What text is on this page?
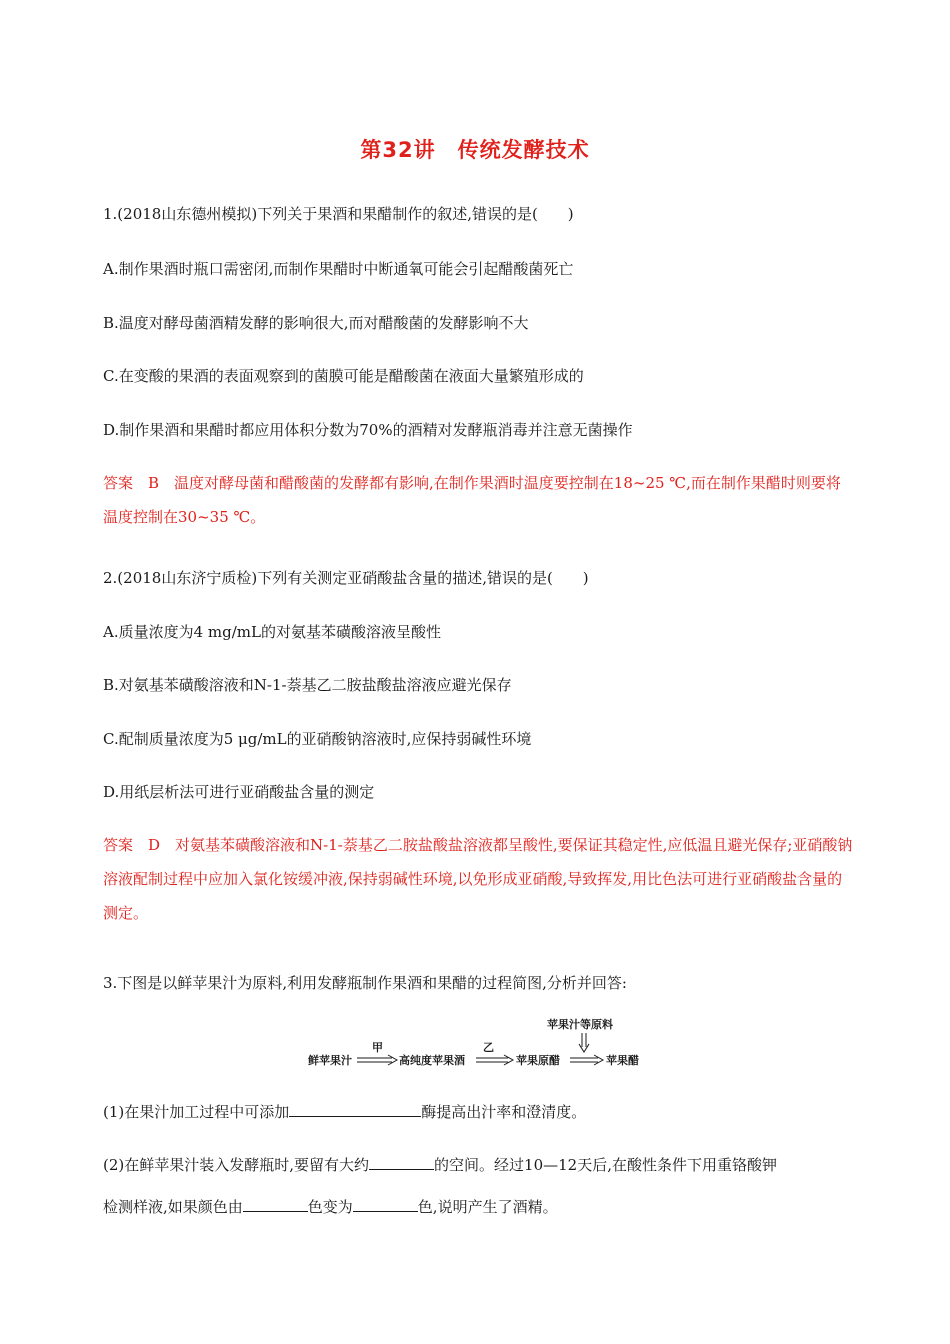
第32讲　传统发酵技术
1.(2018山东德州模拟)下列关于果酒和果醋制作的叙述,错误的是(　　)
A.制作果酒时瓶口需密闭,而制作果醋时中断通氧可能会引起醋酸菌死亡
B.温度对酵母菌酒精发酵的影响很大,而对醋酸菌的发酵影响不大
C.在变酸的果酒的表面观察到的菌膜可能是醋酸菌在液面大量繁殖形成的
D.制作果酒和果醋时都应用体积分数为70%的酒精对发酵瓶消毒并注意无菌操作
答案　B　温度对酵母菌和醋酸菌的发酵都有影响,在制作果酒时温度要控制在18~25 ℃,而在制作果醋时则要将温度控制在30~35 ℃。
2.(2018山东济宁质检)下列有关测定亚硝酸盐含量的描述,错误的是(　　)
A.质量浓度为4 mg/mL的对氨基苯磺酸溶液呈酸性
B.对氨基苯磺酸溶液和N-1-萘基乙二胺盐酸盐溶液应避光保存
C.配制质量浓度为5 μg/mL的亚硝酸钠溶液时,应保持弱碱性环境
D.用纸层析法可进行亚硝酸盐含量的测定
答案　D　对氨基苯磺酸溶液和N-1-萘基乙二胺盐酸盐溶液都呈酸性,要保证其稳定性,应低温且避光保存;亚硝酸钠溶液配制过程中应加入氯化铵缓冲液,保持弱碱性环境,以免形成亚硝酸,导致挥发,用比色法可进行亚硝酸盐含量的测定。
3.下图是以鲜苹果汁为原料,利用发酵瓶制作果酒和果醋的过程简图,分析并回答:
苹果汁等原料
鲜苹果汁
甲
高纯度苹果酒
乙
苹果原醋	苹果醋
(1)在果汁加工过程中可添加	酶提高出汁率和澄清度。
(2)在鲜苹果汁装入发酵瓶时,要留有大约	的空间。经过10—12天后,在酸性条件下用重铬酸钾
检测样液,如果颜色由	色变为	色,说明产生了酒精。
